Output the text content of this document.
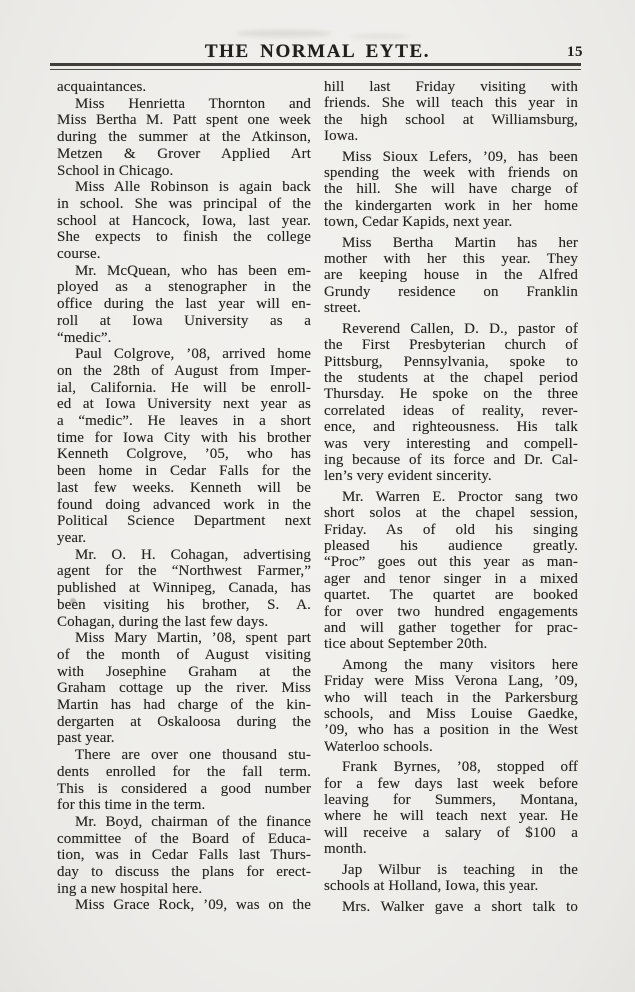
THE NORMAL EYTE.	15
acquaintances.
Miss Henrietta Thornton and
Miss Bertha M. Patt spent one week
during the summer at the Atkinson,
Metzen & Grover Applied Art
School in Chicago.
Miss Alle Robinson is again back
in school. She was principal of the
school at Hancock, Iowa, last year.
She expects to finish the college
course.
Mr. McQuean, who has been em-
ployed as a stenographer in the
office during the last year will en-
roll at Iowa University as a
“medic”.
Paul Colgrove, ’08, arrived home
on the 28th of August from Imper-
ial, California. He will be enroll-
ed at Iowa University next year as
a “medic”. He leaves in a short
time for Iowa City with his brother
Kenneth Colgrove, ’05, who has
been home in Cedar Falls for the
last few weeks. Kenneth will be
found doing advanced work in the
Political Science Department next
year.
Mr. O. H. Cohagan, advertising
agent for the “Northwest Farmer,”
published at Winnipeg, Canada, has
been visiting his brother, S. A.
Cohagan, during the last few days.
Miss Mary Martin, ’08, spent part
of the month of August visiting
with Josephine Graham at the
Graham cottage up the river. Miss
Martin has had charge of the kin-
dergarten at Oskaloosa during the
past year.
There are over one thousand stu-
dents enrolled for the fall term.
This is considered a good number
for this time in the term.
Mr. Boyd, chairman of the finance
committee of the Board of Educa-
tion, was in Cedar Falls last Thurs-
day to discuss the plans for erect-
ing a new hospital here.
Miss Grace Rock, ’09, was on the
hill last Friday visiting with
friends. She will teach this year in
the high school at Williamsburg,
Iowa.
Miss Sioux Lefers, ’09, has been
spending the week with friends on
the hill. She will have charge of
the kindergarten work in her home
town, Cedar Kapids, next year.
Miss Bertha Martin has her
mother with her this year. They
are keeping house in the Alfred
Grundy residence on Franklin
street.
Reverend Callen, D. D., pastor of
the First Presbyterian church of
Pittsburg, Pennsylvania, spoke to
the students at the chapel period
Thursday. He spoke on the three
correlated ideas of reality, rever-
ence, and righteousness. His talk
was very interesting and compell-
ing because of its force and Dr. Cal-
len’s very evident sincerity.
Mr. Warren E. Proctor sang two
short solos at the chapel session,
Friday. As of old his singing
pleased his audience greatly.
“Proc” goes out this year as man-
ager and tenor singer in a mixed
quartet. The quartet are booked
for over two hundred engagements
and will gather together for prac-
tice about September 20th.
Among the many visitors here
Friday were Miss Verona Lang, ’09,
who will teach in the Parkersburg
schools, and Miss Louise Gaedke,
’09, who has a position in the West
Waterloo schools.
Frank Byrnes, ’08, stopped off
for a few days last week before
leaving for Summers, Montana,
where he will teach next year. He
will receive a salary of $100 a
month.
Jap Wilbur is teaching in the
schools at Holland, Iowa, this year.
Mrs. Walker gave a short talk to
